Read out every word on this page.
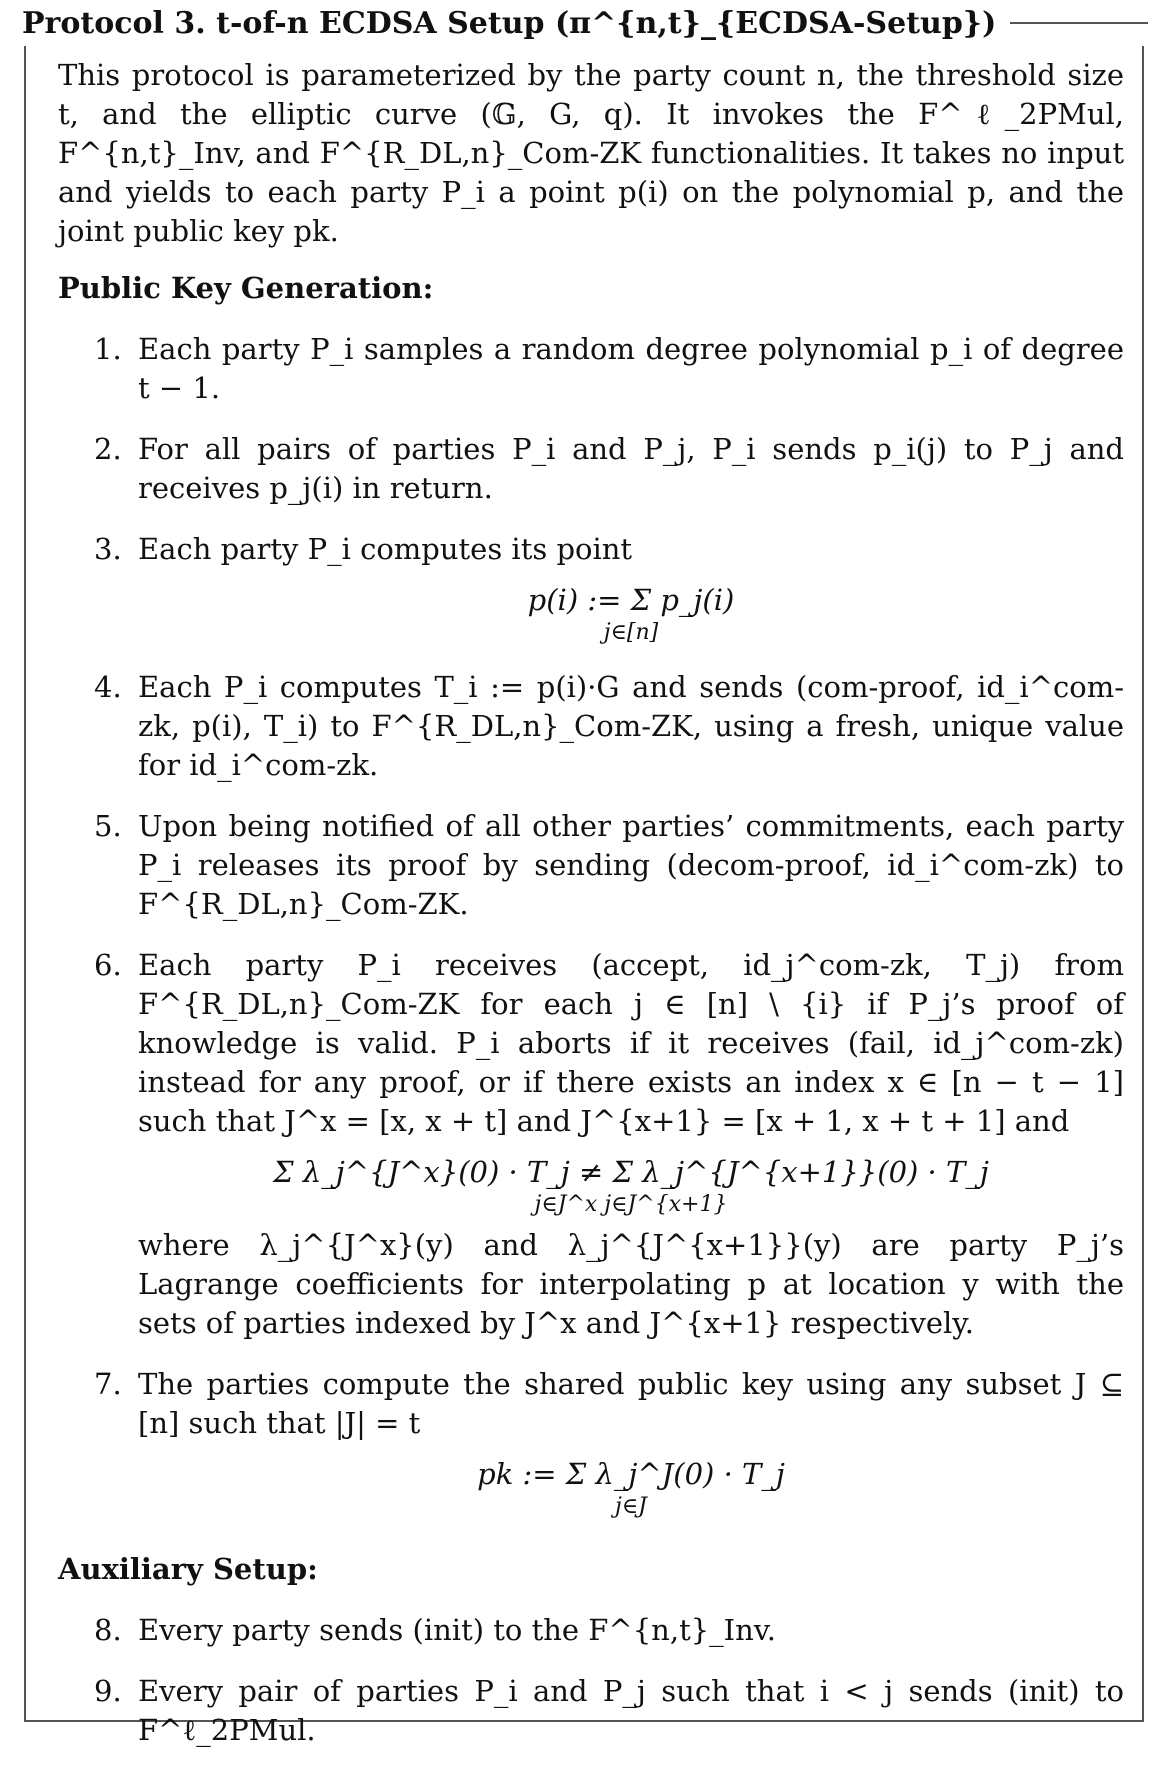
Protocol 3. t-of-n ECDSA Setup (π^{n,t}_{ECDSA-Setup})

This protocol is parameterized by the party count n, the threshold size t, and the elliptic curve (𝔾, G, q). It invokes the F^ℓ_2PMul, F^{n,t}_Inv, and F^{R_DL,n}_Com-ZK functionalities. It takes no input and yields to each party P_i a point p(i) on the polynomial p, and the joint public key pk.

Public Key Generation:

1. Each party P_i samples a random degree polynomial p_i of degree t − 1.
2. For all pairs of parties P_i and P_j, P_i sends p_i(j) to P_j and receives p_j(i) in return.
3. Each party P_i computes its point
p(i) := Σ p_j(i)
j∈[n]
4. Each P_i computes T_i := p(i)·G and sends (com-proof, id_i^com-zk, p(i), T_i) to F^{R_DL,n}_Com-ZK, using a fresh, unique value for id_i^com-zk.
5. Upon being notified of all other parties’ commitments, each party P_i releases its proof by sending (decom-proof, id_i^com-zk) to F^{R_DL,n}_Com-ZK.
6. Each party P_i receives (accept, id_j^com-zk, T_j) from F^{R_DL,n}_Com-ZK for each j ∈ [n] \ {i} if P_j’s proof of knowledge is valid. P_i aborts if it receives (fail, id_j^com-zk) instead for any proof, or if there exists an index x ∈ [n − t − 1] such that J^x = [x, x + t] and J^{x+1} = [x + 1, x + t + 1] and
Σ λ_j^{J^x}(0) · T_j ≠ Σ λ_j^{J^{x+1}}(0) · T_j
j∈J^x j∈J^{x+1}
where λ_j^{J^x}(y) and λ_j^{J^{x+1}}(y) are party P_j’s Lagrange coefficients for interpolating p at location y with the sets of parties indexed by J^x and J^{x+1} respectively.
7. The parties compute the shared public key using any subset J ⊆ [n] such that |J| = t
pk := Σ λ_j^J(0) · T_j
j∈J

Auxiliary Setup:

8. Every party sends (init) to the F^{n,t}_Inv.
9. Every pair of parties P_i and P_j such that i < j sends (init) to F^ℓ_2PMul.
